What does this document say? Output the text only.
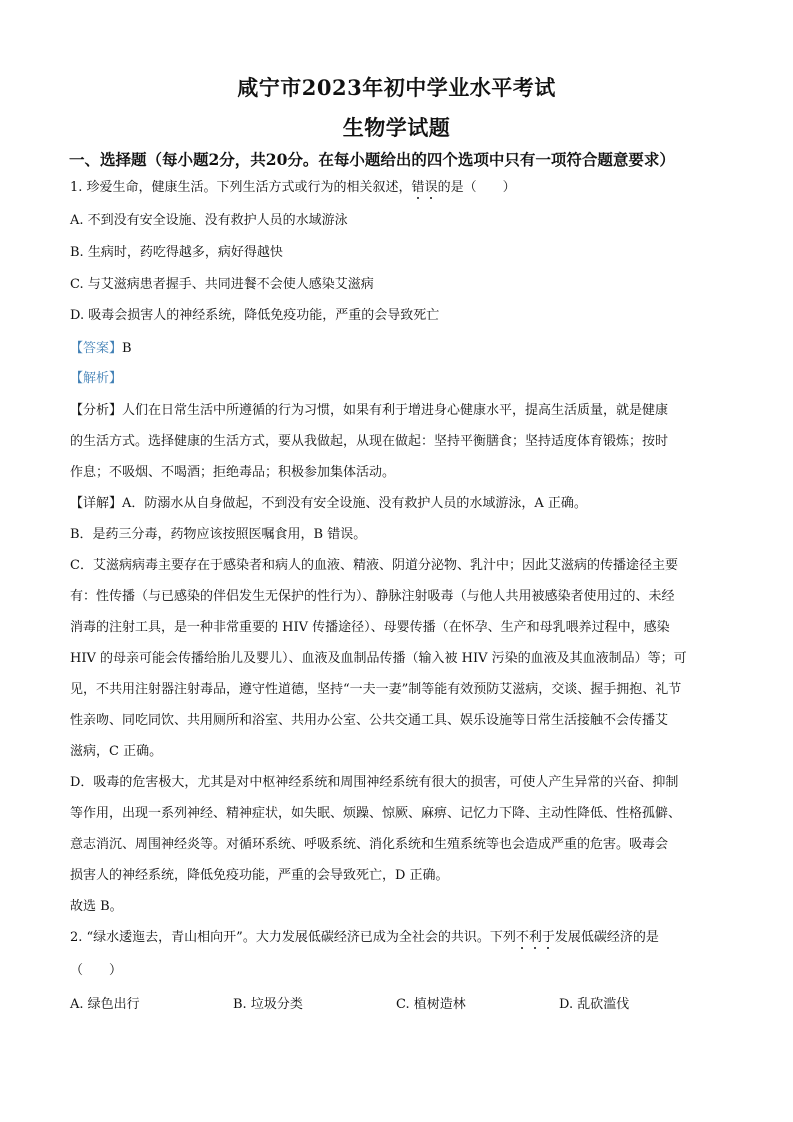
咸宁市2023年初中学业水平考试
生物学试题
一、选择题（每小题2分，共20分。在每小题给出的四个选项中只有一项符合题意要求）
1. 珍爱生命，健康生活。下列生活方式或行为的相关叙述，错误的是（　　）
A. 不到没有安全设施、没有救护人员的水域游泳
B. 生病时，药吃得越多，病好得越快
C. 与艾滋病患者握手、共同进餐不会使人感染艾滋病
D. 吸毒会损害人的神经系统，降低免疫功能，严重的会导致死亡
【答案】B
【解析】
【分析】人们在日常生活中所遵循的行为习惯，如果有利于增进身心健康水平，提高生活质量，就是健康
的生活方式。选择健康的生活方式，要从我做起，从现在做起：坚持平衡膳食；坚持适度体育锻炼；按时
作息；不吸烟、不喝酒；拒绝毒品；积极参加集体活动。
【详解】A．防溺水从自身做起，不到没有安全设施、没有救护人员的水域游泳，A 正确。
B．是药三分毒，药物应该按照医嘱食用，B 错误。
C．艾滋病病毒主要存在于感染者和病人的血液、精液、阴道分泌物、乳汁中；因此艾滋病的传播途径主要
有：性传播（与已感染的伴侣发生无保护的性行为）、静脉注射吸毒（与他人共用被感染者使用过的、未经
消毒的注射工具，是一种非常重要的 HIV 传播途径）、母婴传播（在怀孕、生产和母乳喂养过程中，感染
HIV 的母亲可能会传播给胎儿及婴儿）、血液及血制品传播（输入被 HIV 污染的血液及其血液制品）等；可
见，不共用注射器注射毒品，遵守性道德，坚持“一夫一妻”制等能有效预防艾滋病，交谈、握手拥抱、礼节
性亲吻、同吃同饮、共用厕所和浴室、共用办公室、公共交通工具、娱乐设施等日常生活接触不会传播艾
滋病，C 正确。
D．吸毒的危害极大，尤其是对中枢神经系统和周围神经系统有很大的损害，可使人产生异常的兴奋、抑制
等作用，出现一系列神经、精神症状，如失眠、烦躁、惊厥、麻痹、记忆力下降、主动性降低、性格孤僻、
意志消沉、周围神经炎等。对循环系统、呼吸系统、消化系统和生殖系统等也会造成严重的危害。吸毒会
损害人的神经系统，降低免疫功能，严重的会导致死亡，D 正确。
故选 B。
2. “绿水逶迤去，青山相向开”。大力发展低碳经济已成为全社会的共识。下列不利于发展低碳经济的是
（　　）
A. 绿色出行	B. 垃圾分类	C. 植树造林	D. 乱砍滥伐
